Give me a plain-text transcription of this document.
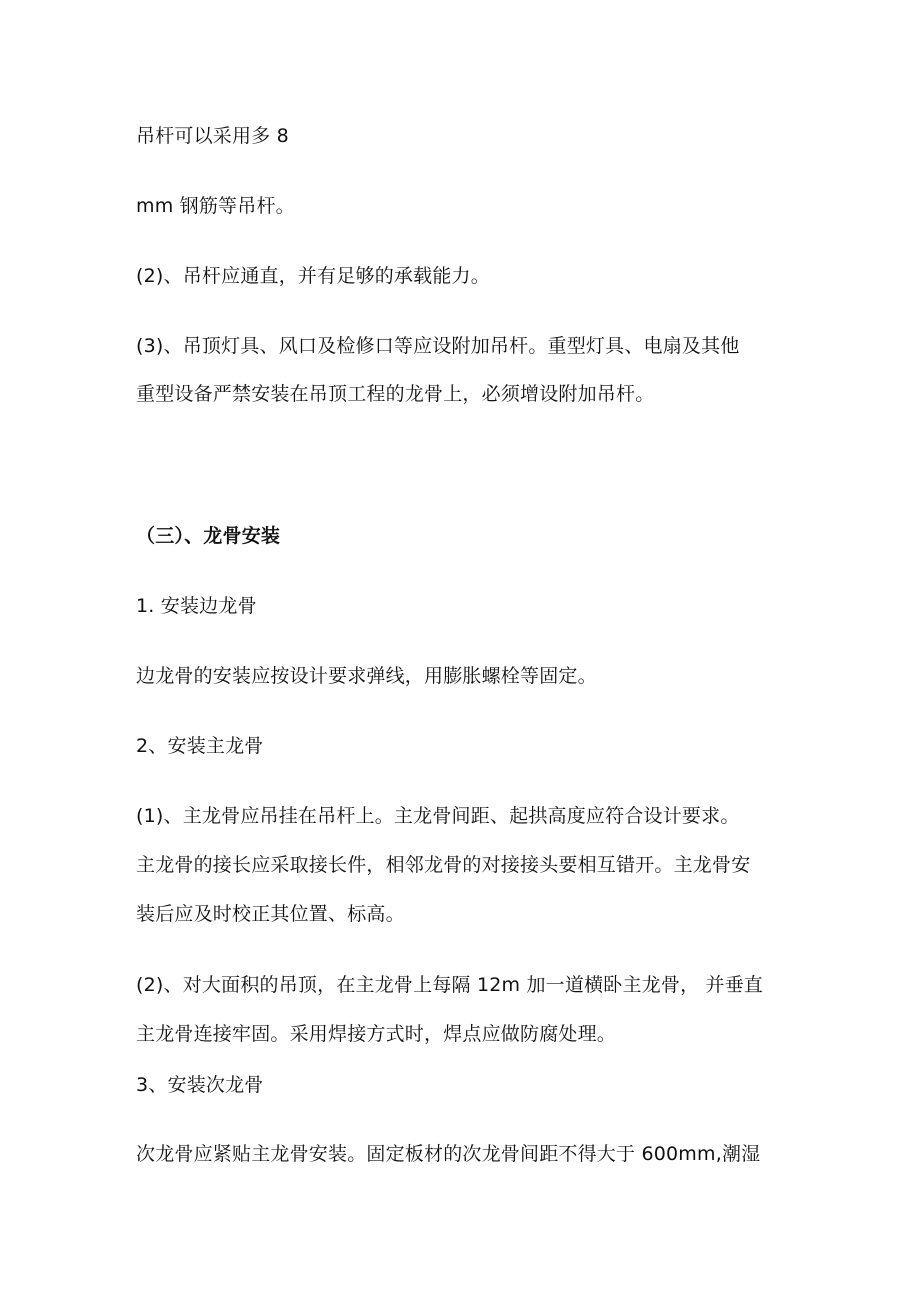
吊杆可以采用多 8
mm 钢筋等吊杆。
(2)、吊杆应通直，并有足够的承载能力。
(3)、吊顶灯具、风口及检修口等应设附加吊杆。重型灯具、电扇及其他
重型设备严禁安装在吊顶工程的龙骨上，必须增设附加吊杆。
（三）、龙骨安装
1. 安装边龙骨
边龙骨的安装应按设计要求弹线，用膨胀螺栓等固定。
2、安装主龙骨
(1)、主龙骨应吊挂在吊杆上。主龙骨间距、起拱高度应符合设计要求。
主龙骨的接长应采取接长件，相邻龙骨的对接接头要相互错开。主龙骨安
装后应及时校正其位置、标高。
(2)、对大面积的吊顶，在主龙骨上每隔 12m 加一道横卧主龙骨， 并垂直
主龙骨连接牢固。采用焊接方式时，焊点应做防腐处理。
3、安装次龙骨
次龙骨应紧贴主龙骨安装。固定板材的次龙骨间距不得大于 600mm,潮湿
